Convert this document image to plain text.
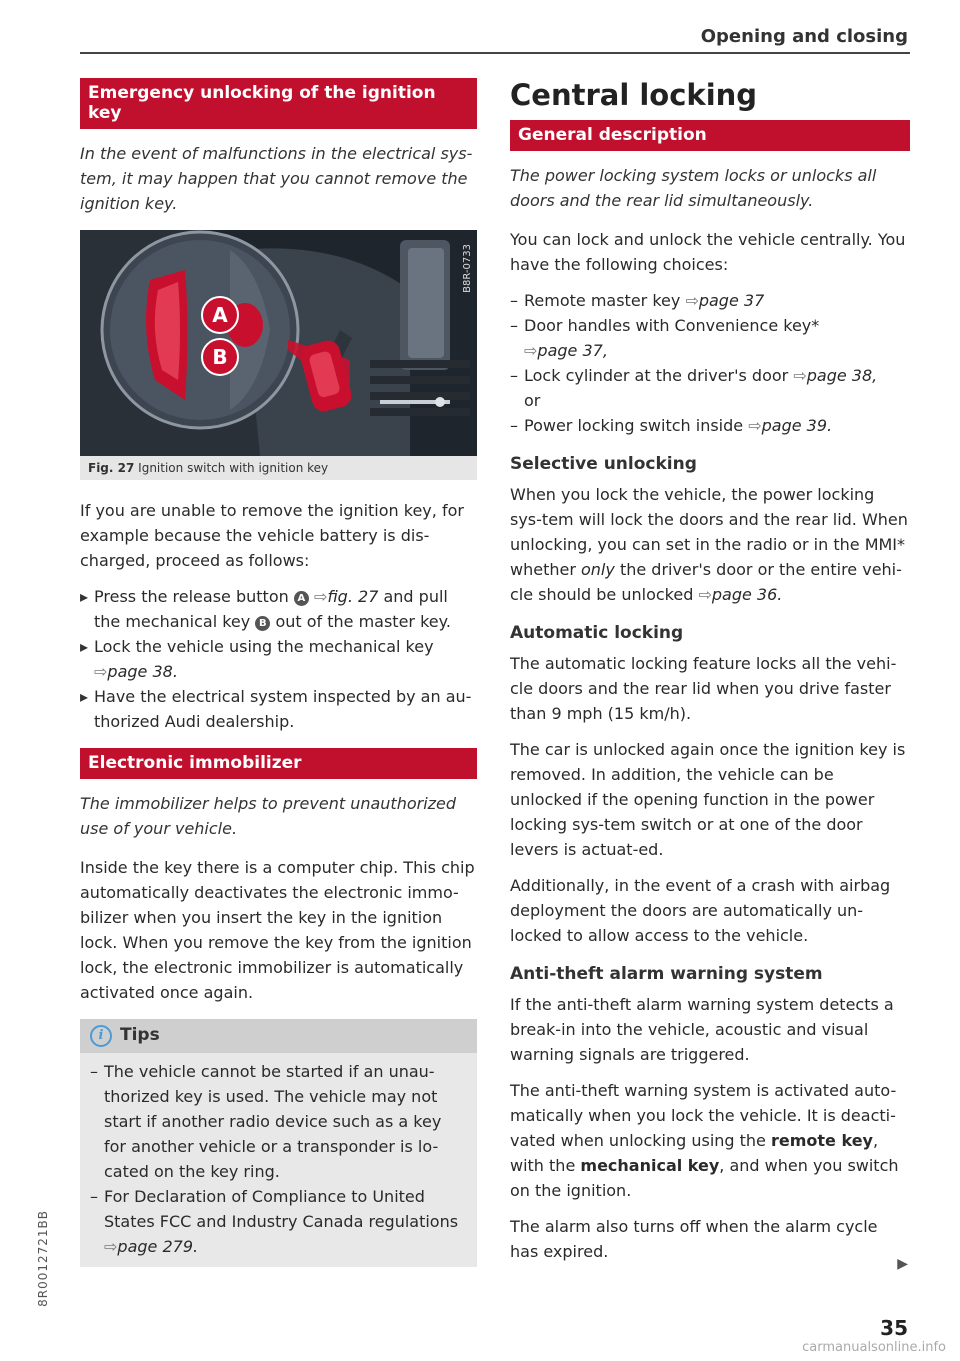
Opening and closing
Emergency unlocking of the ignition key

In the event of malfunctions in the electrical sys-tem, it may happen that you cannot remove the ignition key.

A
B
B8R-0733
Fig. 27 Ignition switch with ignition key

If you are unable to remove the ignition key, for example because the vehicle battery is dis-charged, proceed as follows:

▸ Press the release button A ⇨fig. 27 and pull the mechanical key B out of the master key.
▸ Lock the vehicle using the mechanical key ⇨page 38.
▸ Have the electrical system inspected by an au-thorized Audi dealership.
Electronic immobilizer

The immobilizer helps to prevent unauthorized use of your vehicle.

Inside the key there is a computer chip. This chip automatically deactivates the electronic immo-bilizer when you insert the key in the ignition lock. When you remove the key from the ignition lock, the electronic immobilizer is automatically activated once again.

i Tips
– The vehicle cannot be started if an unau-thorized key is used. The vehicle may not start if another radio device such as a key for another vehicle or a transponder is lo-cated on the key ring.
– For Declaration of Compliance to United States FCC and Industry Canada regulations ⇨page 279.
Central locking
General description

The power locking system locks or unlocks all doors and the rear lid simultaneously.

You can lock and unlock the vehicle centrally. You have the following choices:

– Remote master key ⇨page 37
– Door handles with Convenience key*
⇨page 37,
– Lock cylinder at the driver's door ⇨page 38,
or
– Power locking switch inside ⇨page 39.
Selective unlocking

When you lock the vehicle, the power locking sys-tem will lock the doors and the rear lid. When unlocking, you can set in the radio or in the MMI* whether only the driver's door or the entire vehi-cle should be unlocked ⇨page 36.

Automatic locking

The automatic locking feature locks all the vehi-cle doors and the rear lid when you drive faster than 9 mph (15 km/h).

The car is unlocked again once the ignition key is removed. In addition, the vehicle can be unlocked if the opening function in the power locking sys-tem switch or at one of the door levers is actuat-ed.

Additionally, in the event of a crash with airbag deployment the doors are automatically un-locked to allow access to the vehicle.

Anti-theft alarm warning system

If the anti-theft alarm warning system detects a break-in into the vehicle, acoustic and visual warning signals are triggered.

The anti-theft warning system is activated auto-matically when you lock the vehicle. It is deacti-vated when unlocking using the remote key, with the mechanical key, and when you switch on the ignition.

The alarm also turns off when the alarm cycle has expired.

▶
35
8R0012721BB
carmanualsonline.info
